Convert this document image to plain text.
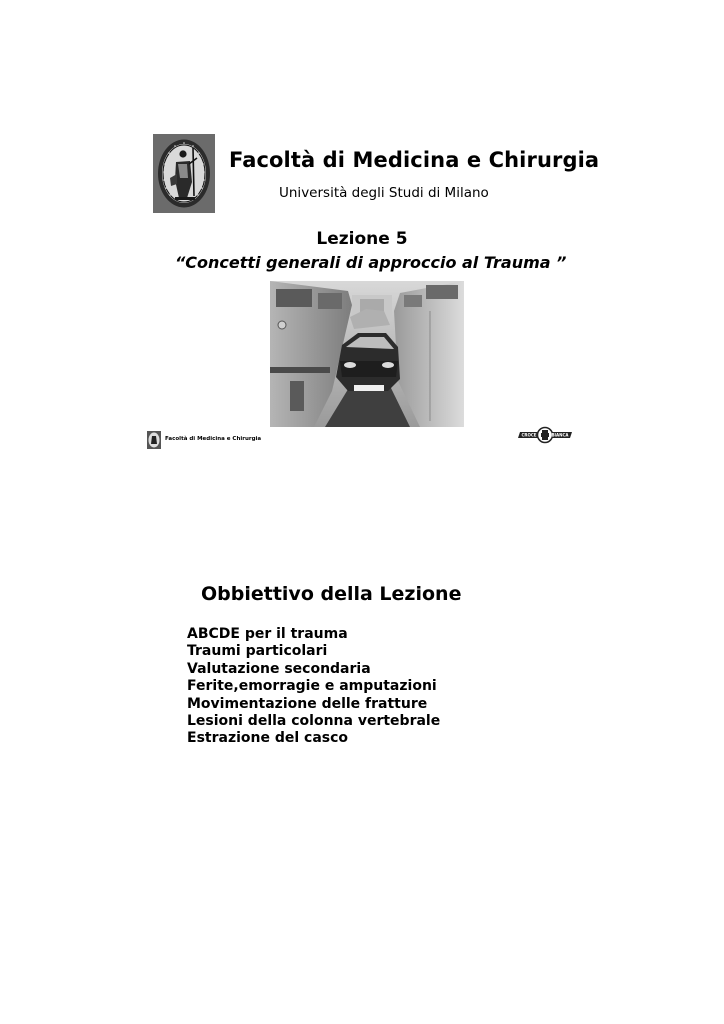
Facoltà di Medicina e Chirurgia
Università degli Studi di Milano
Lezione 5
“Concetti generali di approccio al Trauma ”
Facoltà di Medicina e Chirurgia
CROCE	BIANCA
Obbiettivo della Lezione
ABCDE per il trauma
Traumi particolari
Valutazione secondaria
Ferite,emorragie e amputazioni
Movimentazione delle fratture
Lesioni della colonna vertebrale
Estrazione del casco
